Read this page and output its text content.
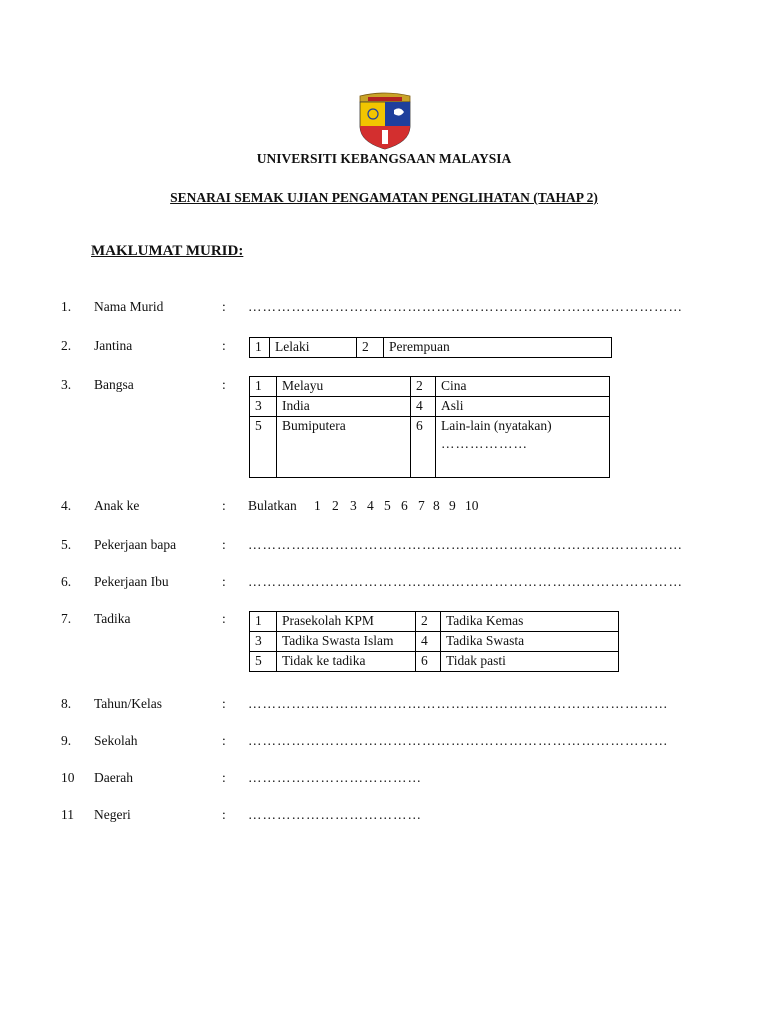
UNIVERSITI KEBANGSAAN MALAYSIA
SENARAI SEMAK UJIAN PENGAMATAN PENGLIHATAN (TAHAP 2)
MAKLUMAT MURID:
1. Nama Murid	: ………………………………………………………………………………
2. Jantina	: 1	Lelaki	2	Perempuan
3. Bangsa	: 1	Melayu	2	Cina
3	India	4	Asli
5	Bumiputera	6	Lain-lain (nyatakan)
………………
4. Anak ke	: Bulatkan 1 2 3 4 5 6 7 8 9 10
5. Pekerjaan bapa	: ………………………………………………………………………………
6. Pekerjaan Ibu	: ………………………………………………………………………………
7. Tadika	: 1	Prasekolah KPM	2	Tadika Kemas
3	Tadika Swasta Islam	4	Tadika Swasta
5	Tidak ke tadika	6	Tidak pasti
8. Tahun/Kelas	: ……………………………………………………………………………
9. Sekolah	: ……………………………………………………………………………
10 Daerah	: ………………………………
11 Negeri	: ………………………………
